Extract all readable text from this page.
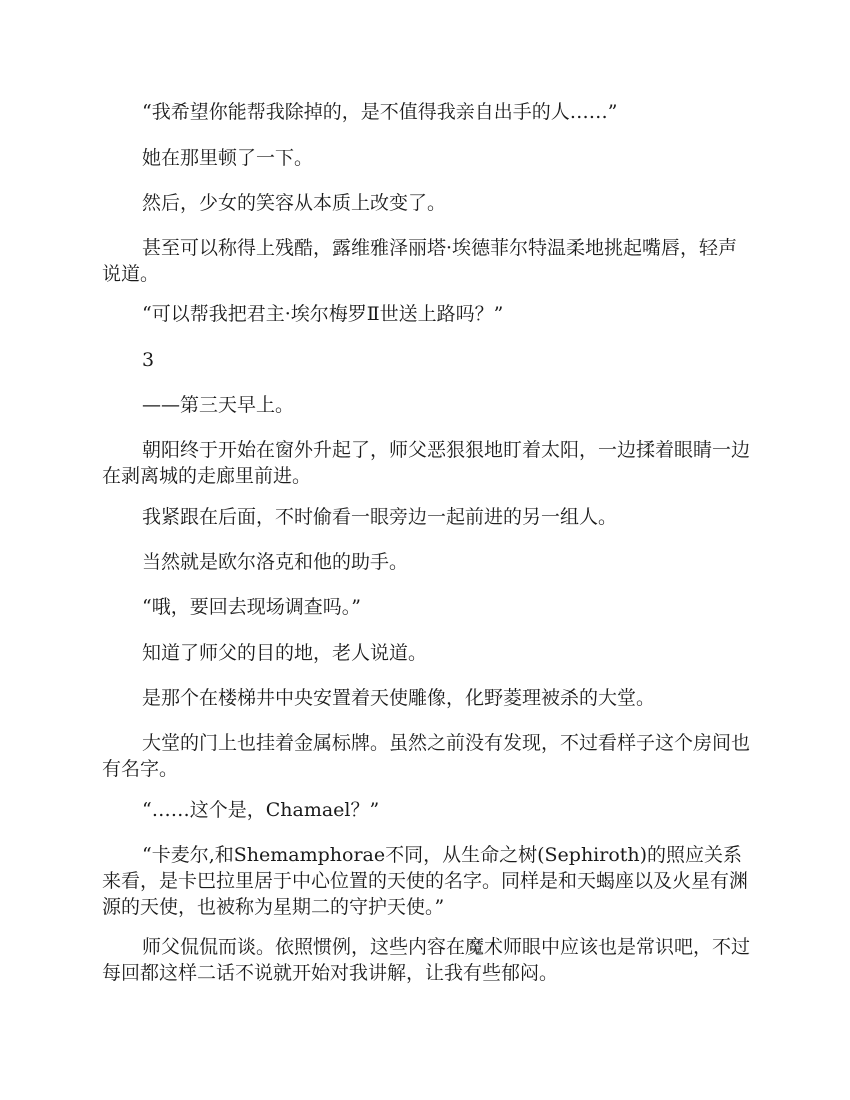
“我希望你能帮我除掉的，是不值得我亲自出手的人……”

她在那里顿了一下。

然后，少女的笑容从本质上改变了。

甚至可以称得上残酷，露维雅泽丽塔·埃德菲尔特温柔地挑起嘴唇，轻声说道。

“可以帮我把君主·埃尔梅罗Ⅱ世送上路吗？”

3

——第三天早上。

朝阳终于开始在窗外升起了，师父恶狠狠地盯着太阳，一边揉着眼睛一边在剥离城的走廊里前进。

我紧跟在后面，不时偷看一眼旁边一起前进的另一组人。

当然就是欧尔洛克和他的助手。

“哦，要回去现场调查吗。”

知道了师父的目的地，老人说道。

是那个在楼梯井中央安置着天使雕像，化野菱理被杀的大堂。

大堂的门上也挂着金属标牌。虽然之前没有发现，不过看样子这个房间也有名字。

“……这个是，Chamael？”

“卡麦尔,和Shemamphorae不同，从生命之树(Sephiroth)的照应关系来看，是卡巴拉里居于中心位置的天使的名字。同样是和天蝎座以及火星有渊源的天使，也被称为星期二的守护天使。”

师父侃侃而谈。依照惯例，这些内容在魔术师眼中应该也是常识吧，不过每回都这样二话不说就开始对我讲解，让我有些郁闷。
